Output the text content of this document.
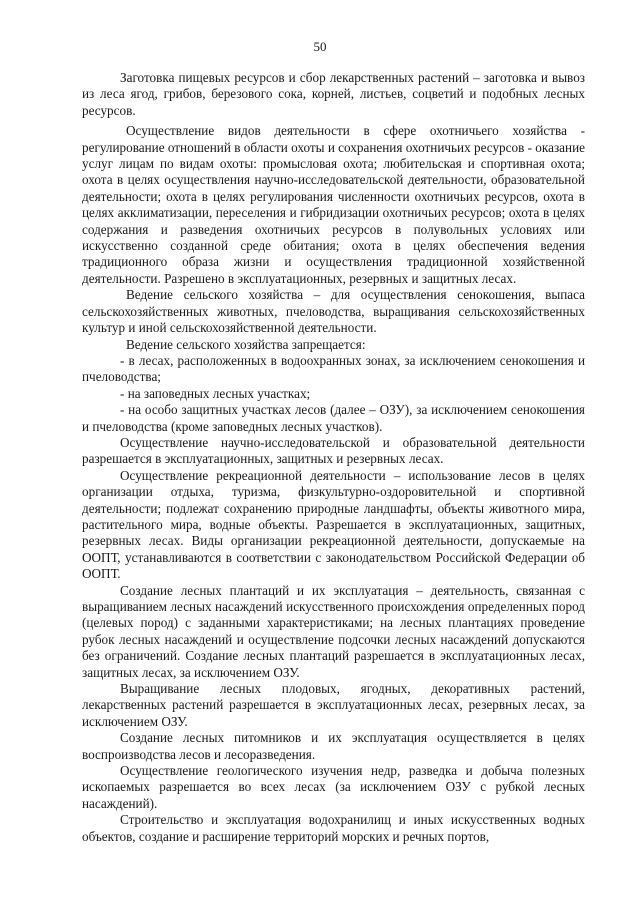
50

Заготовка пищевых ресурсов и сбор лекарственных растений – заготовка и вывоз из леса ягод, грибов, березового сока, корней, листьев, соцветий и подобных лесных ресурсов.

Осуществление видов деятельности в сфере охотничьего хозяйства - регулирование отношений в области охоты и сохранения охотничьих ресурсов - оказание услуг лицам по видам охоты: промысловая охота; любительская и спортивная охота; охота в целях осуществления научно-исследовательской деятельности, образовательной деятельности; охота в целях регулирования численности охотничьих ресурсов, охота в целях акклиматизации, переселения и гибридизации охотничьих ресурсов; охота в целях содержания и разведения охотничьих ресурсов в полувольных условиях или искусственно созданной среде обитания; охота в целях обеспечения ведения традиционного образа жизни и осуществления традиционной хозяйственной деятельности. Разрешено в эксплуатационных, резервных и защитных лесах.

Ведение сельского хозяйства – для осуществления сенокошения, выпаса сельскохозяйственных животных, пчеловодства, выращивания сельскохозяйственных культур и иной сельскохозяйственной деятельности.

Ведение сельского хозяйства запрещается:

- в лесах, расположенных в водоохранных зонах, за исключением сенокошения и пчеловодства;

- на заповедных лесных участках;

- на особо защитных участках лесов (далее – ОЗУ), за исключением сенокошения и пчеловодства (кроме заповедных лесных участков).

Осуществление научно-исследовательской и образовательной деятельности разрешается в эксплуатационных, защитных и резервных лесах.

Осуществление рекреационной деятельности – использование лесов в целях организации отдыха, туризма, физкультурно-оздоровительной и спортивной деятельности; подлежат сохранению природные ландшафты, объекты животного мира, растительного мира, водные объекты. Разрешается в эксплуатационных, защитных, резервных лесах. Виды организации рекреационной деятельности, допускаемые на ООПТ, устанавливаются в соответствии с законодательством Российской Федерации об ООПТ.

Создание лесных плантаций и их эксплуатация – деятельность, связанная с выращиванием лесных насаждений искусственного происхождения определенных пород (целевых пород) с заданными характеристиками; на лесных плантациях проведение рубок лесных насаждений и осуществление подсочки лесных насаждений допускаются без ограничений. Создание лесных плантаций разрешается в эксплуатационных лесах, защитных лесах, за исключением ОЗУ.

Выращивание лесных плодовых, ягодных, декоративных растений, лекарственных растений разрешается в эксплуатационных лесах, резервных лесах, за исключением ОЗУ.

Создание лесных питомников и их эксплуатация осуществляется в целях воспроизводства лесов и лесоразведения.

Осуществление геологического изучения недр, разведка и добыча полезных ископаемых разрешается во всех лесах (за исключением ОЗУ с рубкой лесных насаждений).

Строительство и эксплуатация водохранилищ и иных искусственных водных объектов, создание и расширение территорий морских и речных портов,
